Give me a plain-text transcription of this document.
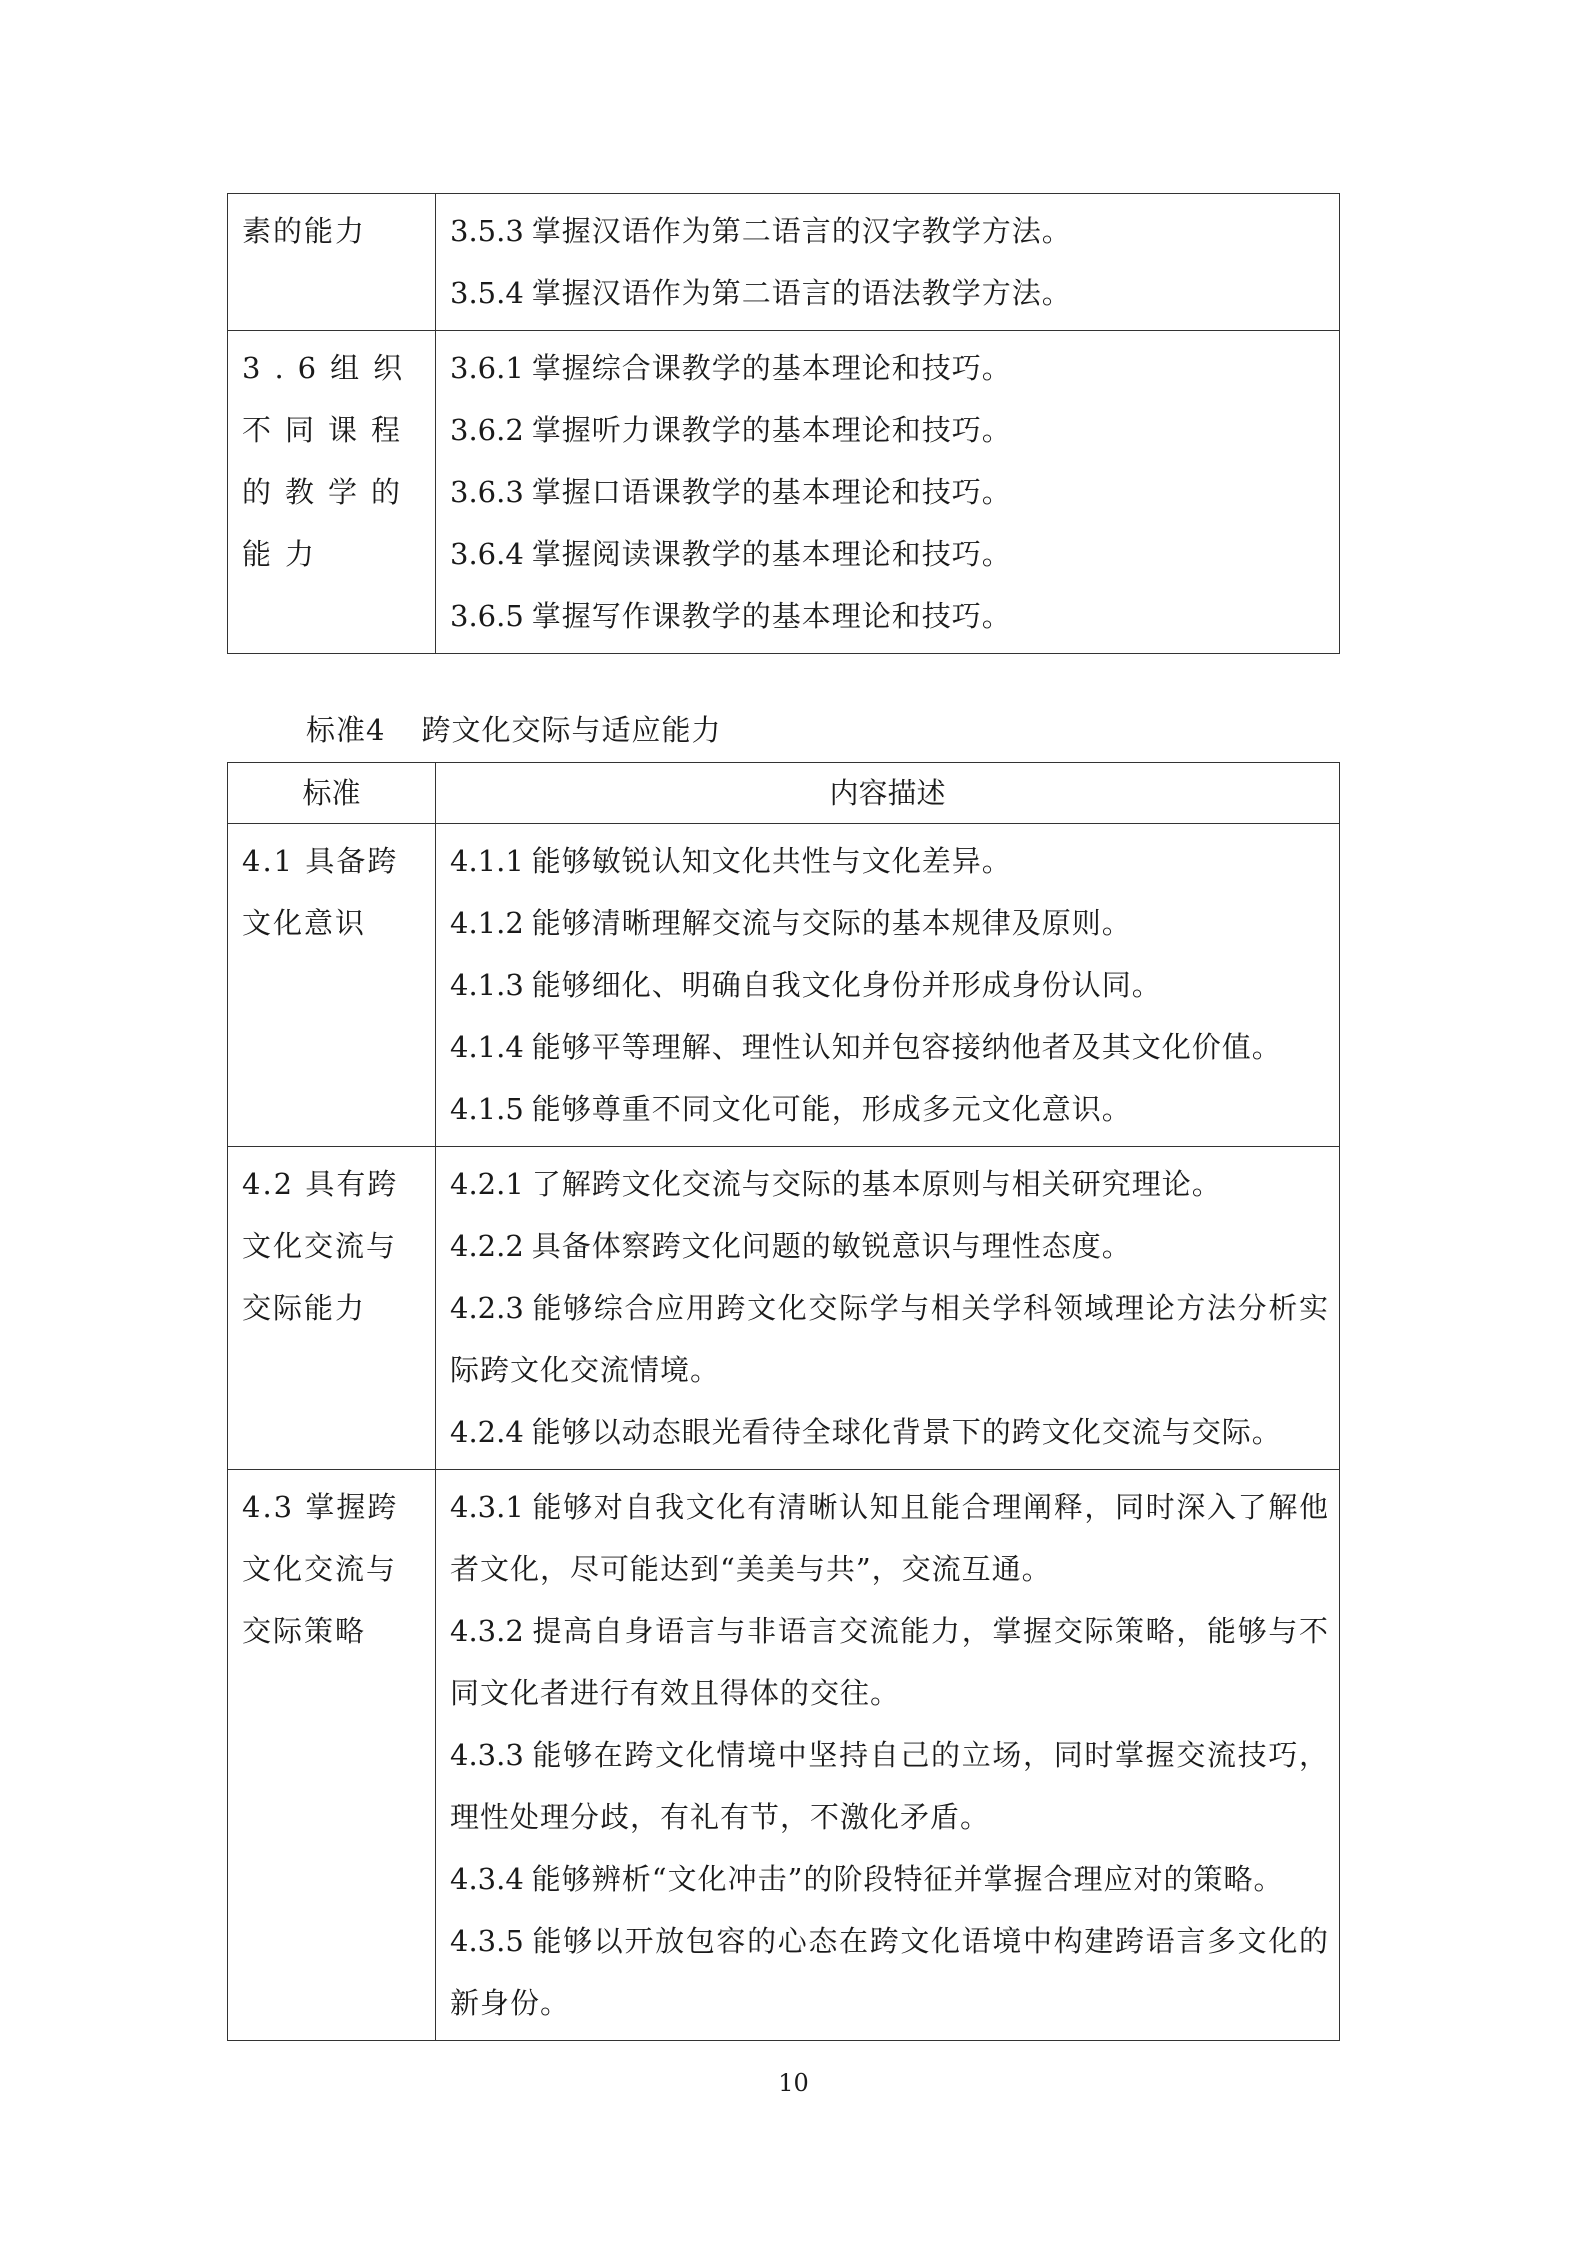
素的能力	3.5.3 掌握汉语作为第二语言的汉字教学方法。
3.5.4 掌握汉语作为第二语言的语法教学方法。

3.6组织不同课程的教学的能力	3.6.1 掌握综合课教学的基本理论和技巧。
3.6.2 掌握听力课教学的基本理论和技巧。
3.6.3 掌握口语课教学的基本理论和技巧。
3.6.4 掌握阅读课教学的基本理论和技巧。
3.6.5 掌握写作课教学的基本理论和技巧。
标准4 跨文化交际与适应能力
标准	内容描述
4.1 具备跨文化意识	4.1.1 能够敏锐认知文化共性与文化差异。
4.1.2 能够清晰理解交流与交际的基本规律及原则。
4.1.3 能够细化、明确自我文化身份并形成身份认同。
4.1.4 能够平等理解、理性认知并包容接纳他者及其文化价值。
4.1.5 能够尊重不同文化可能，形成多元文化意识。

4.2 具有跨文化交流与交际能力	4.2.1 了解跨文化交流与交际的基本原则与相关研究理论。
4.2.2 具备体察跨文化问题的敏锐意识与理性态度。
4.2.3 能够综合应用跨文化交际学与相关学科领域理论方法分析实际跨文化交流情境。
4.2.4 能够以动态眼光看待全球化背景下的跨文化交流与交际。

4.3 掌握跨文化交流与交际策略	4.3.1 能够对自我文化有清晰认知且能合理阐释，同时深入了解他者文化，尽可能达到“美美与共”，交流互通。
4.3.2 提高自身语言与非语言交流能力，掌握交际策略，能够与不同文化者进行有效且得体的交往。
4.3.3 能够在跨文化情境中坚持自己的立场，同时掌握交流技巧，理性处理分歧，有礼有节，不激化矛盾。
4.3.4 能够辨析“文化冲击”的阶段特征并掌握合理应对的策略。
4.3.5 能够以开放包容的心态在跨文化语境中构建跨语言多文化的新身份。
10
